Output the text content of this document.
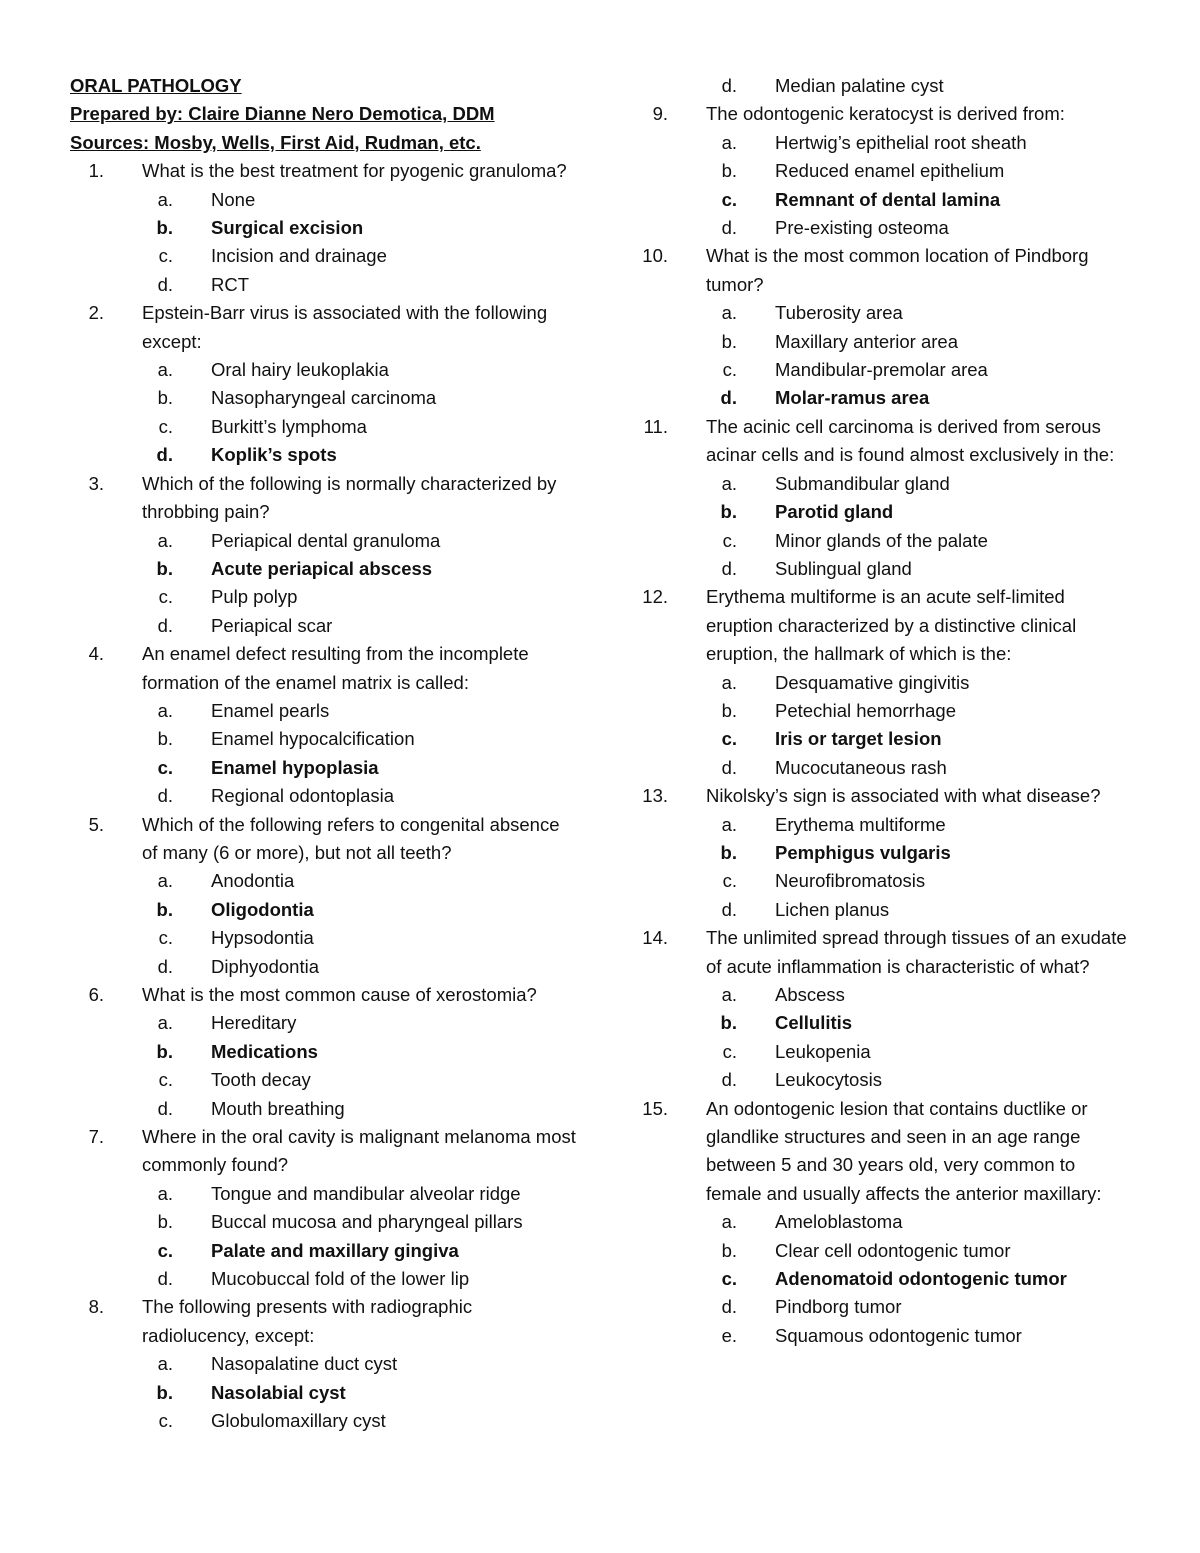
ORAL PATHOLOGY
Prepared by: Claire Dianne Nero Demotica, DDM
Sources: Mosby, Wells, First Aid, Rudman, etc.
1. What is the best treatment for pyogenic granuloma?
a. None
b. Surgical excision
c. Incision and drainage
d. RCT
2. Epstein-Barr virus is associated with the following except:
a. Oral hairy leukoplakia
b. Nasopharyngeal carcinoma
c. Burkitt’s lymphoma
d. Koplik’s spots
3. Which of the following is normally characterized by throbbing pain?
a. Periapical dental granuloma
b. Acute periapical abscess
c. Pulp polyp
d. Periapical scar
4. An enamel defect resulting from the incomplete formation of the enamel matrix is called:
a. Enamel pearls
b. Enamel hypocalcification
c. Enamel hypoplasia
d. Regional odontoplasia
5. Which of the following refers to congenital absence of many (6 or more), but not all teeth?
a. Anodontia
b. Oligodontia
c. Hypsodontia
d. Diphyodontia
6. What is the most common cause of xerostomia?
a. Hereditary
b. Medications
c. Tooth decay
d. Mouth breathing
7. Where in the oral cavity is malignant melanoma most commonly found?
a. Tongue and mandibular alveolar ridge
b. Buccal mucosa and pharyngeal pillars
c. Palate and maxillary gingiva
d. Mucobuccal fold of the lower lip
8. The following presents with radiographic radiolucency, except:
a. Nasopalatine duct cyst
b. Nasolabial cyst
c. Globulomaxillary cyst
d. Median palatine cyst
9. The odontogenic keratocyst is derived from:
a. Hertwig’s epithelial root sheath
b. Reduced enamel epithelium
c. Remnant of dental lamina
d. Pre-existing osteoma
10. What is the most common location of Pindborg tumor?
a. Tuberosity area
b. Maxillary anterior area
c. Mandibular-premolar area
d. Molar-ramus area
11. The acinic cell carcinoma is derived from serous acinar cells and is found almost exclusively in the:
a. Submandibular gland
b. Parotid gland
c. Minor glands of the palate
d. Sublingual gland
12. Erythema multiforme is an acute self-limited eruption characterized by a distinctive clinical eruption, the hallmark of which is the:
a. Desquamative gingivitis
b. Petechial hemorrhage
c. Iris or target lesion
d. Mucocutaneous rash
13. Nikolsky’s sign is associated with what disease?
a. Erythema multiforme
b. Pemphigus vulgaris
c. Neurofibromatosis
d. Lichen planus
14. The unlimited spread through tissues of an exudate of acute inflammation is characteristic of what?
a. Abscess
b. Cellulitis
c. Leukopenia
d. Leukocytosis
15. An odontogenic lesion that contains ductlike or glandlike structures and seen in an age range between 5 and 30 years old, very common to female and usually affects the anterior maxillary:
a. Ameloblastoma
b. Clear cell odontogenic tumor
c. Adenomatoid odontogenic tumor
d. Pindborg tumor
e. Squamous odontogenic tumor
